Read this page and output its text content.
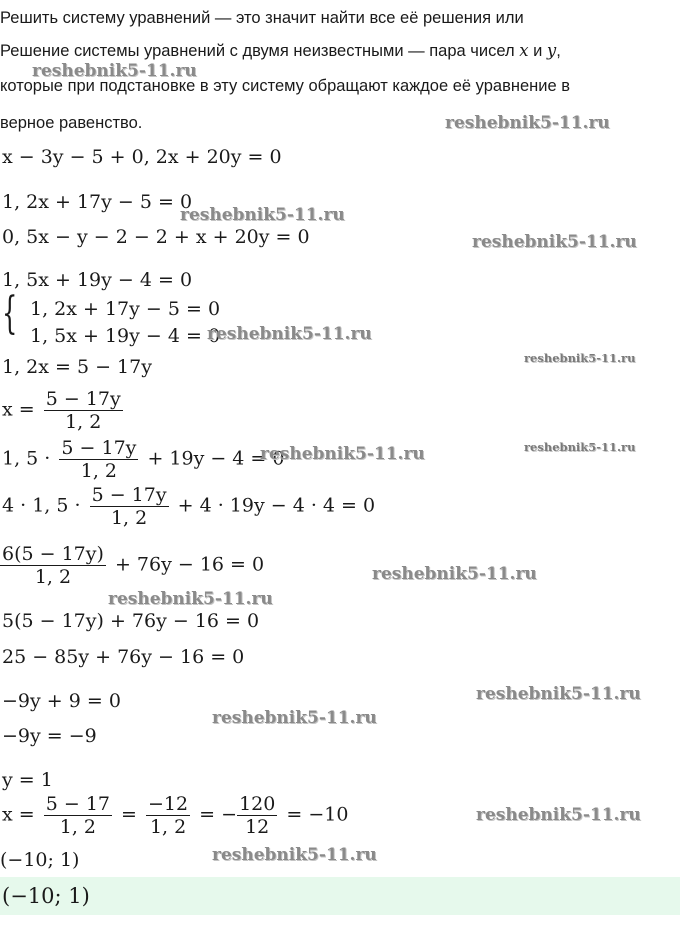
Решить систему уравнений — это значит найти все её решения или
Решение системы уравнений с двумя неизвестными — пара чисел x и y,
которые при подстановке в эту систему обращают каждое её уравнение в
верное равенство.
x − 3y − 5 + 0, 2x + 20y = 0
1, 2x + 17y − 5 = 0
0, 5x − y − 2 − 2 + x + 20y = 0
1, 5x + 19y − 4 = 0
{ 1, 2x + 17y − 5 = 0
1, 5x + 19y − 4 = 0
1, 2x = 5 − 17y
$x = \frac{5 - 17y}{1, 2}$
1, $5 \cdot \frac{5 - 17y}{1, 2} + 19y - 4 = 0$
4 · 1, $5 \cdot \frac{5 - 17y}{1, 2} + 4 \cdot 19y - 4 \cdot 4 = 0$
$\frac{6(5 - 17y)}{1, 2} + 76y - 16 = 0$
5(5 − 17y) + 76y − 16 = 0
25 − 85y + 76y − 16 = 0
−9y + 9 = 0
−9y = −9
y = 1
$x = \frac{5 - 17}{1, 2} = \frac{-12}{1, 2}$ = − $\frac{120}{12} = -10$
(−10; 1)
(−10; 1)
reshebnik5-11.ru
reshebnik5-11.ru
reshebnik5-11.ru
reshebnik5-11.ru
reshebnik5-11.ru
reshebnik5-11.ru
reshebnik5-11.ru	reshebnik5-11.ru
reshebnik5-11.ru
reshebnik5-11.ru
reshebnik5-11.ru
reshebnik5-11.ru
reshebnik5-11.ru
reshebnik5-11.ru
